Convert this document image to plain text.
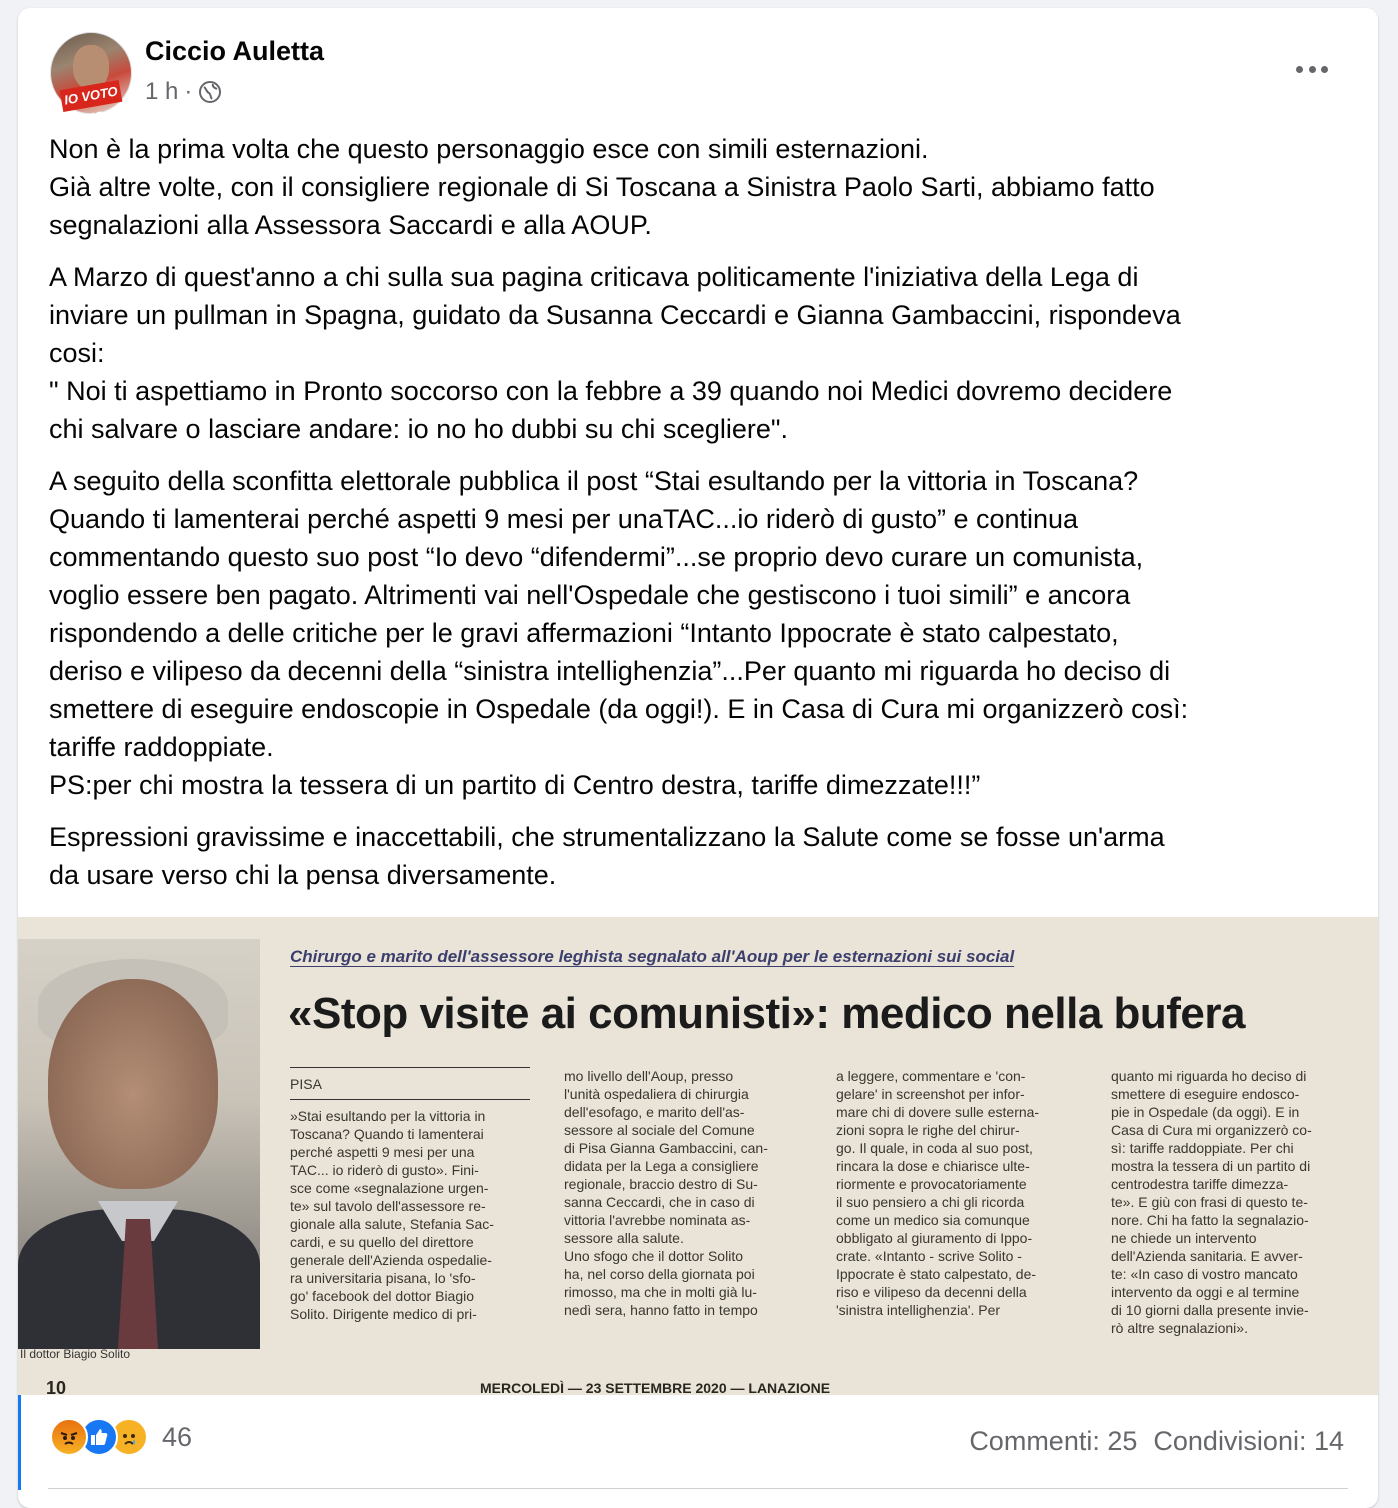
IO VOTO NO
Ciccio Auletta
1 h ·

Non è la prima volta che questo personaggio esce con simili esternazioni.
Già altre volte, con il consigliere regionale di Si Toscana a Sinistra Paolo Sarti, abbiamo fatto
segnalazioni alla Assessora Saccardi e alla AOUP.

A Marzo di quest'anno a chi sulla sua pagina criticava politicamente l'iniziativa della Lega di
inviare un pullman in Spagna, guidato da Susanna Ceccardi e Gianna Gambaccini, rispondeva
cosi:
" Noi ti aspettiamo in Pronto soccorso con la febbre a 39 quando noi Medici dovremo decidere
chi salvare o lasciare andare: io no ho dubbi su chi scegliere".

A seguito della sconfitta elettorale pubblica il post “Stai esultando per la vittoria in Toscana?
Quando ti lamenterai perché aspetti 9 mesi per unaTAC...io riderò di gusto” e continua
commentando questo suo post “Io devo “difendermi”...se proprio devo curare un comunista,
voglio essere ben pagato. Altrimenti vai nell'Ospedale che gestiscono i tuoi simili” e ancora
rispondendo a delle critiche per le gravi affermazioni “Intanto Ippocrate è stato calpestato,
deriso e vilipeso da decenni della “sinistra intellighenzia”...Per quanto mi riguarda ho deciso di
smettere di eseguire endoscopie in Ospedale (da oggi!). E in Casa di Cura mi organizzerò così:
tariffe raddoppiate.
PS:per chi mostra la tessera di un partito di Centro destra, tariffe dimezzate!!!”

Espressioni gravissime e inaccettabili, che strumentalizzano la Salute come se fosse un'arma
da usare verso chi la pensa diversamente.

Il dottor Biagio Solito
Chirurgo e marito dell'assessore leghista segnalato all'Aoup per le esternazioni sui social
«Stop visite ai comunisti»: medico nella bufera
PISA
»Stai esultando per la vittoria in
Toscana? Quando ti lamenterai
perché aspetti 9 mesi per una
TAC... io riderò di gusto». Fini-
sce come «segnalazione urgen-
te» sul tavolo dell'assessore re-
gionale alla salute, Stefania Sac-
cardi, e su quello del direttore
generale dell'Azienda ospedalie-
ra universitaria pisana, lo 'sfo-
go' facebook del dottor Biagio
Solito. Dirigente medico di pri-
mo livello dell'Aoup, presso
l'unità ospedaliera di chirurgia
dell'esofago, e marito dell'as-
sessore al sociale del Comune
di Pisa Gianna Gambaccini, can-
didata per la Lega a consigliere
regionale, braccio destro di Su-
sanna Ceccardi, che in caso di
vittoria l'avrebbe nominata as-
sessore alla salute.
Uno sfogo che il dottor Solito
ha, nel corso della giornata poi
rimosso, ma che in molti già lu-
nedì sera, hanno fatto in tempo
a leggere, commentare e 'con-
gelare' in screenshot per infor-
mare chi di dovere sulle esterna-
zioni sopra le righe del chirur-
go. Il quale, in coda al suo post,
rincara la dose e chiarisce ulte-
riormente e provocatoriamente
il suo pensiero a chi gli ricorda
come un medico sia comunque
obbligato al giuramento di Ippo-
crate. «Intanto - scrive Solito -
Ippocrate è stato calpestato, de-
riso e vilipeso da decenni della
'sinistra intellighenzia'. Per
quanto mi riguarda ho deciso di
smettere di eseguire endosco-
pie in Ospedale (da oggi). E in
Casa di Cura mi organizzerò co-
sì: tariffe raddoppiate. Per chi
mostra la tessera di un partito di
centrodestra tariffe dimezza-
te». E giù con frasi di questo te-
nore. Chi ha fatto la segnalazio-
ne chiede un intervento
dell'Azienda sanitaria. E avver-
te: «In caso di vostro mancato
intervento da oggi e al termine
di 10 giorni dalla presente invie-
rò altre segnalazioni».
10	MERCOLEDÌ — 23 SETTEMBRE 2020 — LANAZIONE
46	Commenti: 25 Condivisioni: 14
